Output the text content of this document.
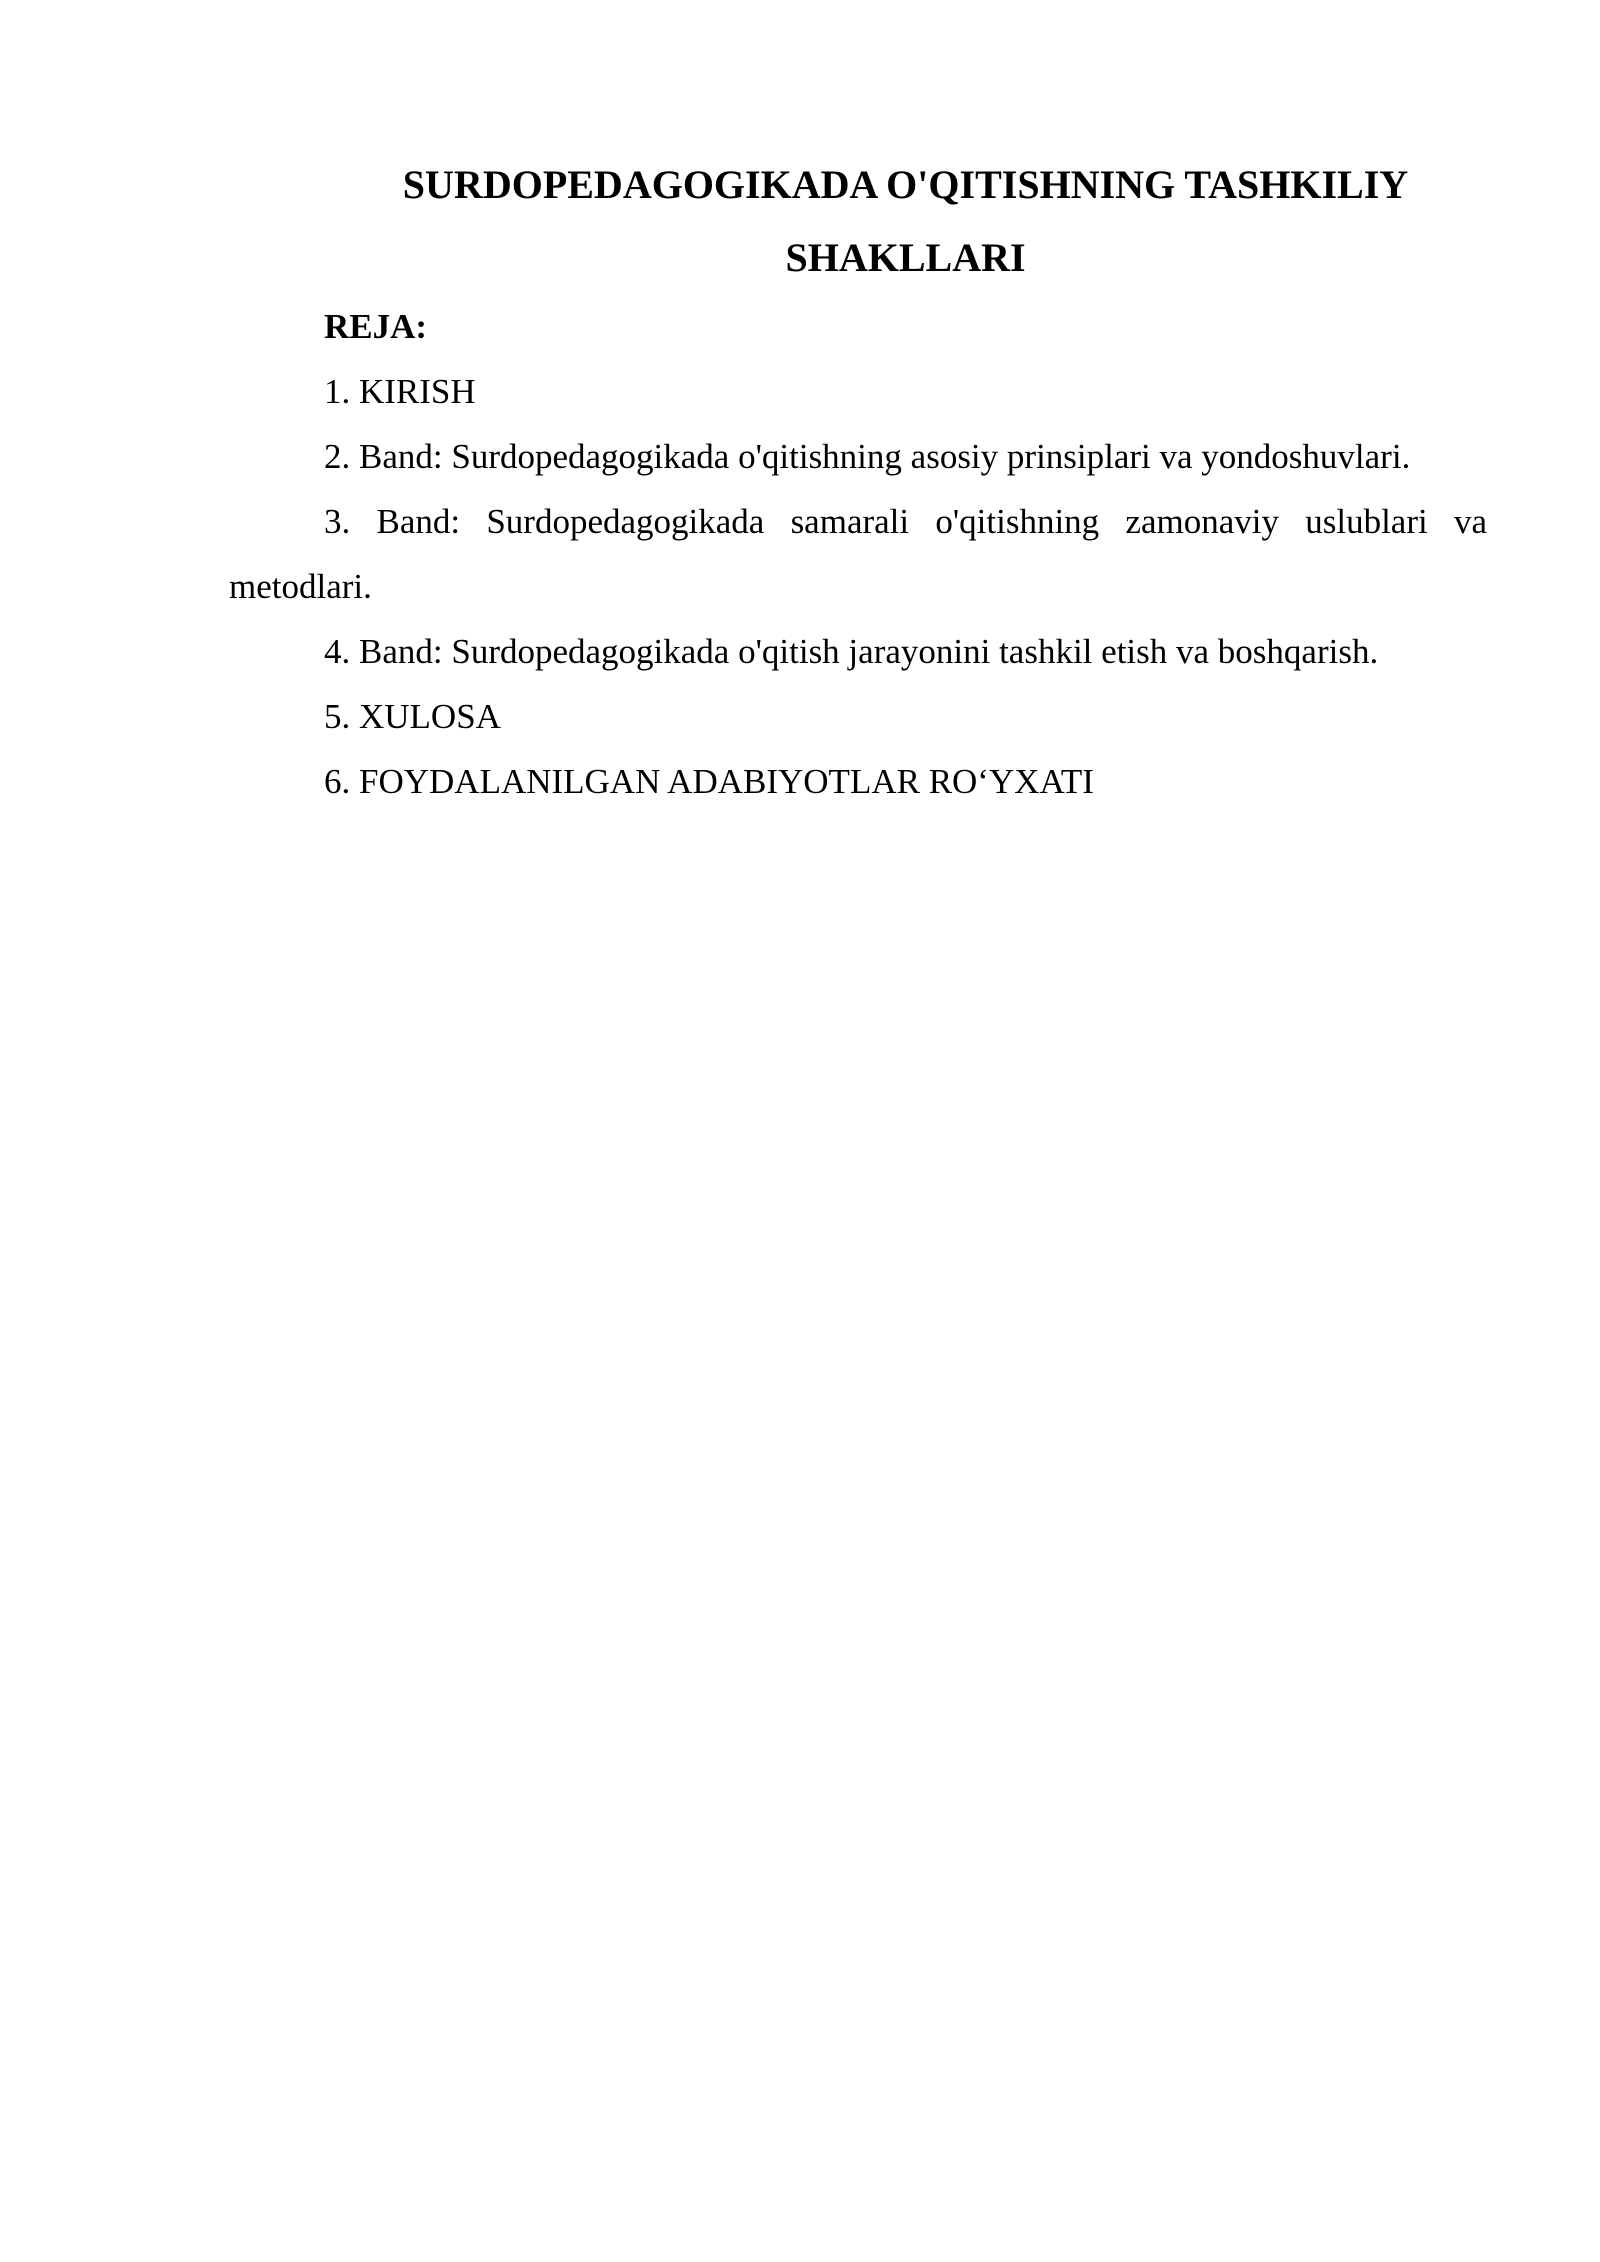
SURDOPEDAGOGIKADA O'QITISHNING TASHKILIY SHAKLLARI

REJA:

1. KIRISH

2. Band: Surdopedagogikada o'qitishning asosiy prinsiplari va yondoshuvlari.

3. Band: Surdopedagogikada samarali o'qitishning zamonaviy uslublari va metodlari.

4. Band: Surdopedagogikada o'qitish jarayonini tashkil etish va boshqarish.

5. XULOSA

6. FOYDALANILGAN ADABIYOTLAR RO‘YXATI
